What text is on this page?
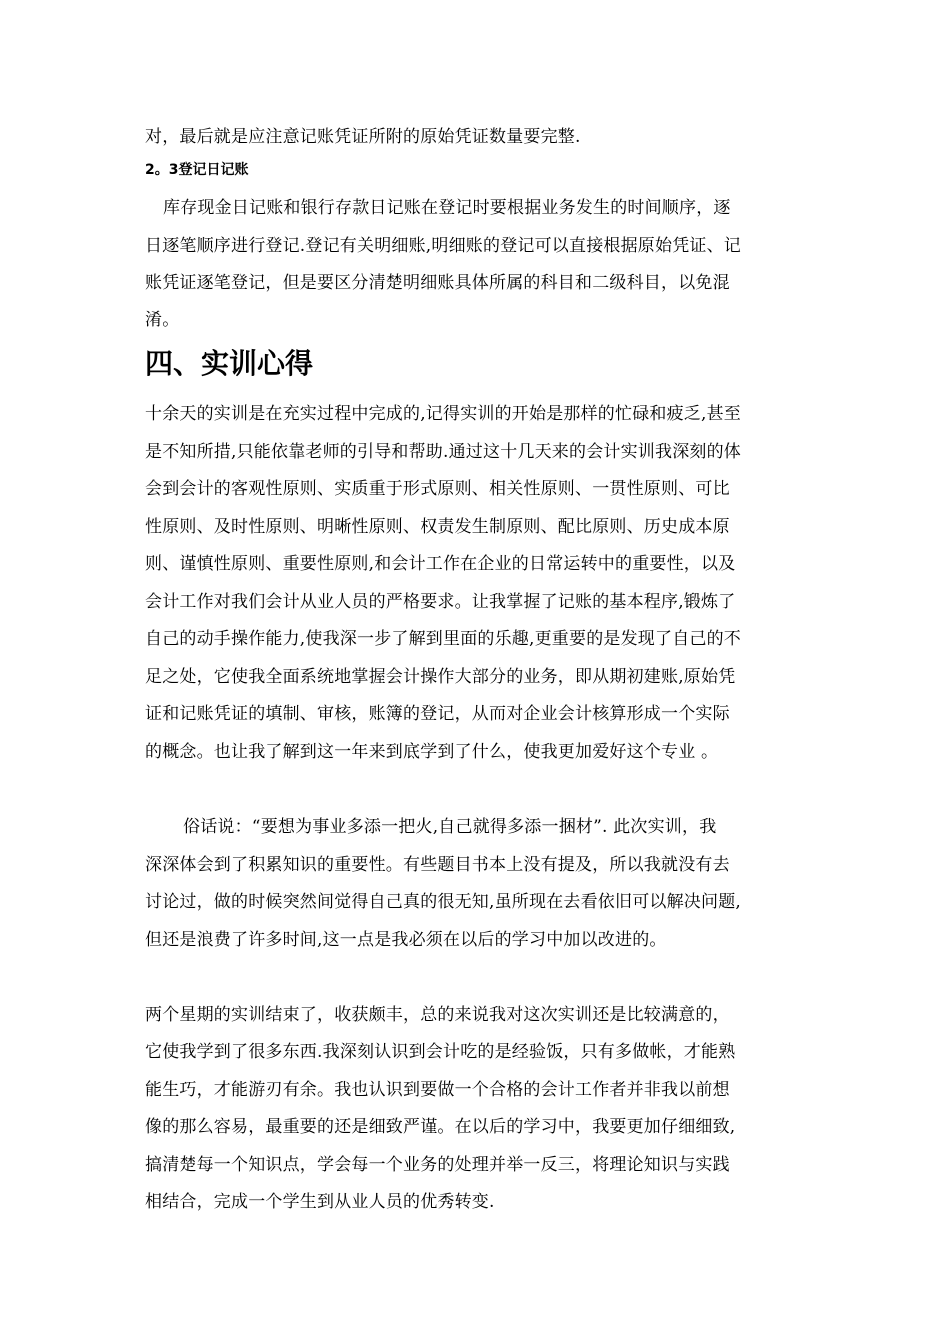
对，最后就是应注意记账凭证所附的原始凭证数量要完整.
2。3登记日记账
库存现金日记账和银行存款日记账在登记时要根据业务发生的时间顺序，逐
日逐笔顺序进行登记.登记有关明细账,明细账的登记可以直接根据原始凭证、记
账凭证逐笔登记，但是要区分清楚明细账具体所属的科目和二级科目，以免混
淆。
四、实训心得
十余天的实训是在充实过程中完成的,记得实训的开始是那样的忙碌和疲乏,甚至
是不知所措,只能依靠老师的引导和帮助.通过这十几天来的会计实训我深刻的体
会到会计的客观性原则、实质重于形式原则、相关性原则、一贯性原则、可比
性原则、及时性原则、明晰性原则、权责发生制原则、配比原则、历史成本原
则、谨慎性原则、重要性原则,和会计工作在企业的日常运转中的重要性，以及
会计工作对我们会计从业人员的严格要求。让我掌握了记账的基本程序,锻炼了
自己的动手操作能力,使我深一步了解到里面的乐趣,更重要的是发现了自己的不
足之处，它使我全面系统地掌握会计操作大部分的业务，即从期初建账,原始凭
证和记账凭证的填制、审核，账簿的登记，从而对企业会计核算形成一个实际
的概念。也让我了解到这一年来到底学到了什么，使我更加爱好这个专业 。
俗话说：“要想为事业多添一把火,自己就得多添一捆材”. 此次实训，我
深深体会到了积累知识的重要性。有些题目书本上没有提及，所以我就没有去
讨论过，做的时候突然间觉得自己真的很无知,虽所现在去看依旧可以解决问题,
但还是浪费了许多时间,这一点是我必须在以后的学习中加以改进的。
两个星期的实训结束了，收获颇丰，总的来说我对这次实训还是比较满意的，
它使我学到了很多东西.我深刻认识到会计吃的是经验饭，只有多做帐，才能熟
能生巧，才能游刃有余。我也认识到要做一个合格的会计工作者并非我以前想
像的那么容易，最重要的还是细致严谨。在以后的学习中，我要更加仔细细致,
搞清楚每一个知识点，学会每一个业务的处理并举一反三，将理论知识与实践
相结合，完成一个学生到从业人员的优秀转变.
